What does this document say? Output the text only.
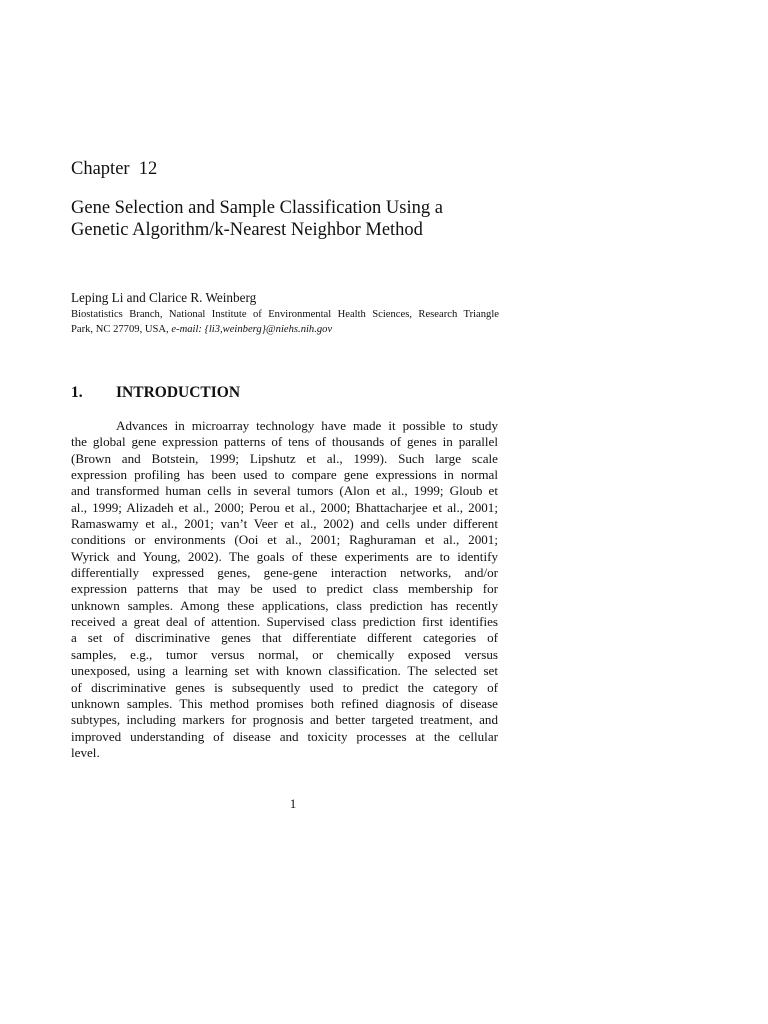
Chapter  12
Gene Selection and Sample Classification Using a
Genetic Algorithm/k-Nearest Neighbor Method
Leping Li and Clarice R. Weinberg
Biostatistics Branch, National Institute of Environmental Health Sciences, Research Triangle
Park, NC 27709, USA, e-mail: {li3,weinberg}@niehs.nih.gov
1. INTRODUCTION
Advances in microarray technology have made it possible to study
the global gene expression patterns of tens of thousands of genes in parallel
(Brown and Botstein, 1999; Lipshutz et al., 1999). Such large scale
expression profiling has been used to compare gene expressions in normal
and transformed human cells in several tumors (Alon et al., 1999; Gloub et
al., 1999; Alizadeh et al., 2000; Perou et al., 2000; Bhattacharjee et al., 2001;
Ramaswamy et al., 2001; van’t Veer et al., 2002) and cells under different
conditions or environments (Ooi et al., 2001; Raghuraman et al., 2001;
Wyrick and Young, 2002). The goals of these experiments are to identify
differentially expressed genes, gene-gene interaction networks, and/or
expression patterns that may be used to predict class membership for
unknown samples. Among these applications, class prediction has recently
received a great deal of attention. Supervised class prediction first identifies
a set of discriminative genes that differentiate different categories of
samples, e.g., tumor versus normal, or chemically exposed versus
unexposed, using a learning set with known classification. The selected set
of discriminative genes is subsequently used to predict the category of
unknown samples. This method promises both refined diagnosis of disease
subtypes, including markers for prognosis and better targeted treatment, and
improved understanding of disease and toxicity processes at the cellular
level.
1
